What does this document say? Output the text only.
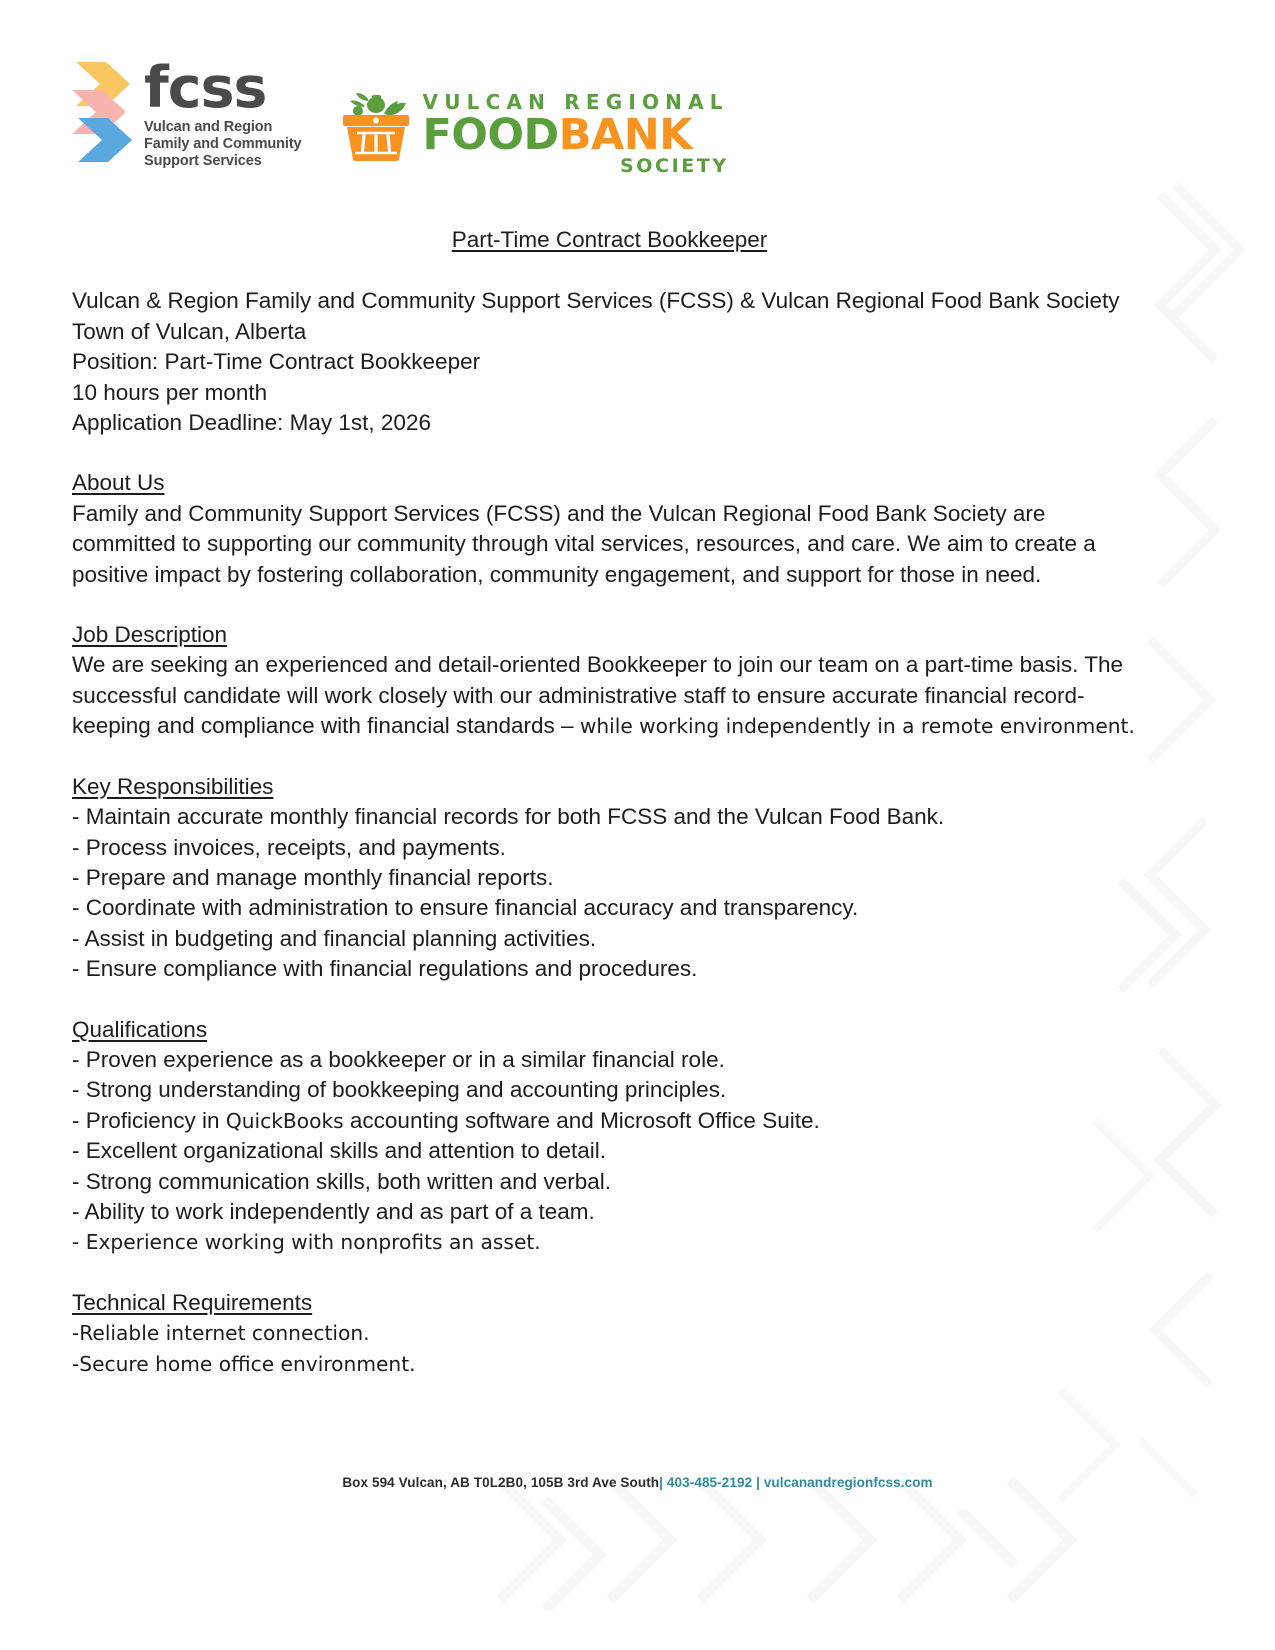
fcss
Vulcan and Region
Family and Community
Support Services
VULCAN REGIONAL
FOODBANK
SOCIETY
Part-Time Contract Bookkeeper
Vulcan & Region Family and Community Support Services (FCSS) & Vulcan Regional Food Bank Society
Town of Vulcan, Alberta
Position: Part-Time Contract Bookkeeper
10 hours per month
Application Deadline: May 1st, 2026
About Us
Family and Community Support Services (FCSS) and the Vulcan Regional Food Bank Society are committed to supporting our community through vital services, resources, and care. We aim to create a positive impact by fostering collaboration, community engagement, and support for those in need.
Job Description
We are seeking an experienced and detail-oriented Bookkeeper to join our team on a part-time basis. The successful candidate will work closely with our administrative staff to ensure accurate financial record-keeping and compliance with financial standards – while working independently in a remote environment.
Key Responsibilities
- Maintain accurate monthly financial records for both FCSS and the Vulcan Food Bank.
- Process invoices, receipts, and payments.
- Prepare and manage monthly financial reports.
- Coordinate with administration to ensure financial accuracy and transparency.
- Assist in budgeting and financial planning activities.
- Ensure compliance with financial regulations and procedures.
Qualifications
- Proven experience as a bookkeeper or in a similar financial role.
- Strong understanding of bookkeeping and accounting principles.
- Proficiency in QuickBooks accounting software and Microsoft Office Suite.
- Excellent organizational skills and attention to detail.
- Strong communication skills, both written and verbal.
- Ability to work independently and as part of a team.
- Experience working with nonprofits an asset.
Technical Requirements
-Reliable internet connection.
-Secure home office environment.
Box 594 Vulcan, AB T0L2B0, 105B 3rd Ave South| 403-485-2192 | vulcanandregionfcss.com
